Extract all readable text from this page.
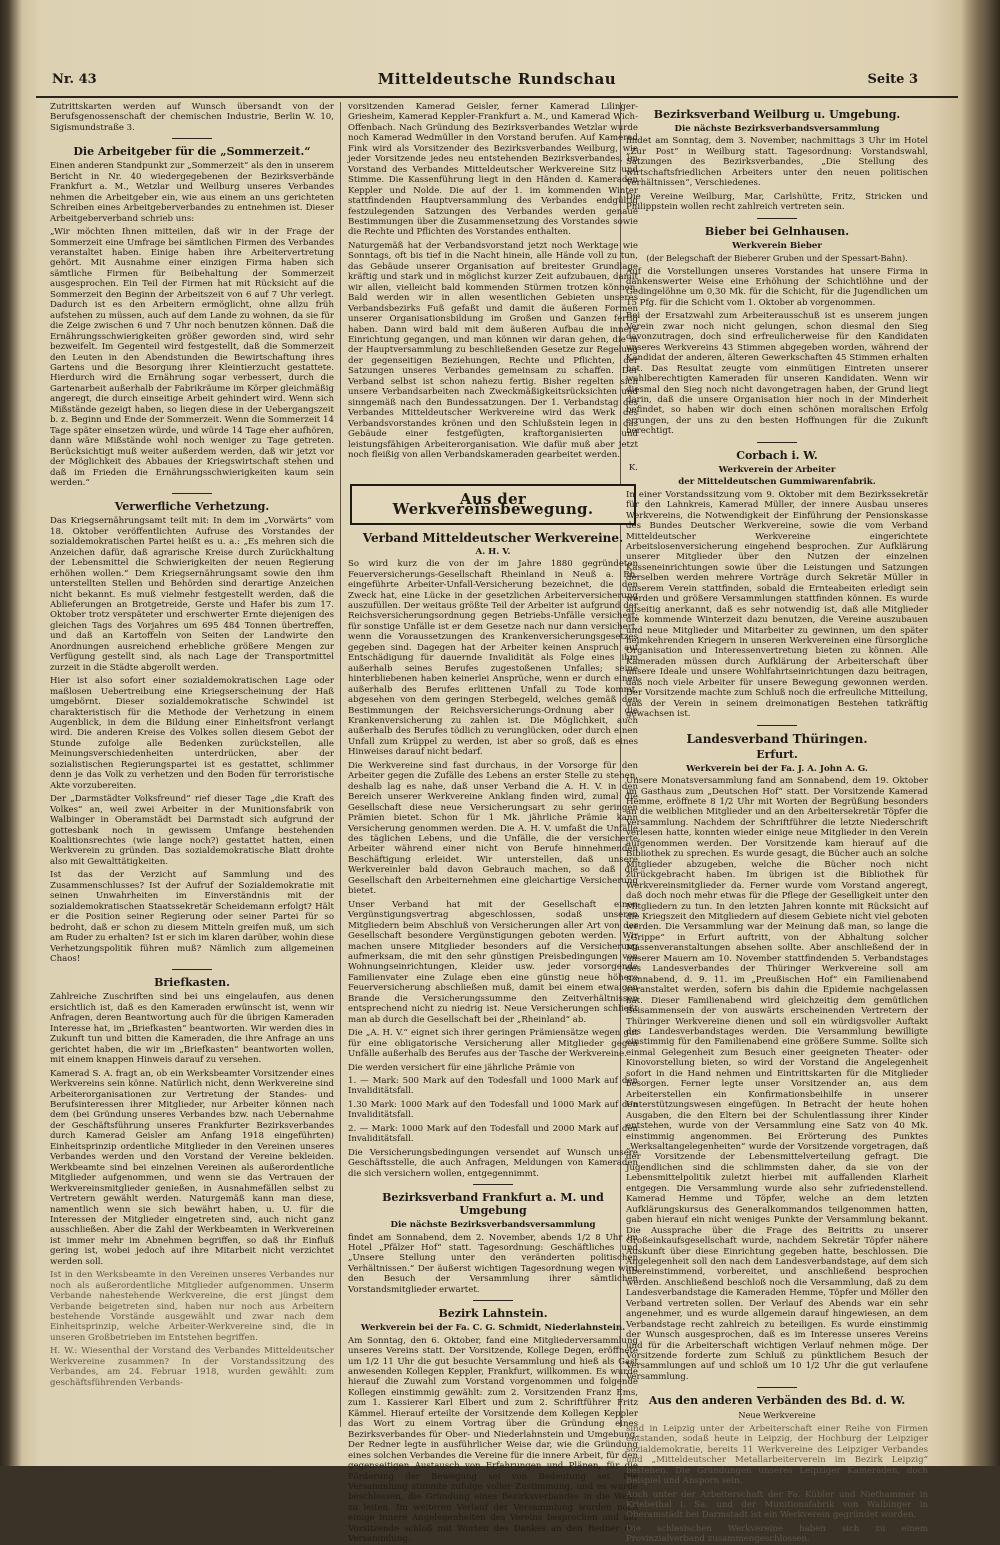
Nr. 43	Mitteldeutsche Rundschau	Seite 3

Zutrittskarten werden auf Wunsch übersandt von der Berufsgenossenschaft der chemischen Industrie, Berlin W. 10, Sigismundstraße 3.

Die Arbeitgeber für die „Sommerzeit.“

Einen anderen Standpunkt zur „Sommerzeit“ als den in unserem Bericht in Nr. 40 wiedergegebenen der Bezirksverbände Frankfurt a. M., Wetzlar und Weilburg unseres Verbandes nehmen die Arbeitgeber ein, wie aus einem an uns gerichteten Schreiben eines Arbeitgeberverbandes zu entnehmen ist. Dieser Arbeitgeberverband schrieb uns:

„Wir möchten Ihnen mitteilen, daß wir in der Frage der Sommerzeit eine Umfrage bei sämtlichen Firmen des Verbandes veranstaltet haben. Einige haben ihre Arbeitervertretung gehört. Mit Ausnahme einer einzigen Firma haben sich sämtliche Firmen für Beibehaltung der Sommerzeit ausgesprochen. Ein Teil der Firmen hat mit Rücksicht auf die Sommerzeit den Beginn der Arbeitszeit von 6 auf 7 Uhr verlegt. Dadurch ist es den Arbeitern ermöglicht, ohne allzu früh aufstehen zu müssen, auch auf dem Lande zu wohnen, da sie für die Zeige zwischen 6 und 7 Uhr noch benutzen können. Daß die Ernährungsschwierigkeiten größer geworden sind, wird sehr bezweifelt. Im Gegenteil wird festgestellt, daß die Sommerzeit den Leuten in den Abendstunden die Bewirtschaftung ihres Gartens und die Besorgung ihrer Kleintierzucht gestattete. Hierdurch wird die Ernährung sogar verbessert, durch die Gartenarbeit außerhalb der Fabrikräume im Körper gleichmäßig angeregt, die durch einseitige Arbeit gehindert wird. Wenn sich Mißstände gezeigt haben, so liegen diese in der Uebergangszeit b. z. Beginn und Ende der Sommerzeit. Wenn die Sommerzeit 14 Tage später einsetzen würde, und würde 14 Tage eher aufhören, dann wäre Mißstände wohl noch weniger zu Tage getreten. Berücksichtigt muß weiter außerdem werden, daß wir jetzt vor der Möglichkeit des Abbaues der Kriegswirtschaft stehen und daß im Frieden die Ernährungsschwierigkeiten kaum sein werden.“

Verwerfliche Verhetzung.

Das Kriegsernährungsamt teilt mit: In dem im „Vorwärts“ vom 18. Oktober veröffentlichten Aufruse des Vorstandes der sozialdemokratischen Partei heißt es u. a.: „Es mehren sich die Anzeichen dafür, daß agrarische Kreise durch Zurückhaltung der Lebensmittel die Schwierigkeiten der neuen Regierung erhöhen wollen.“ Dem Kriegsernährungsamt sowie den ihm unterstellten Stellen und Behörden sind derartige Anzeichen nicht bekannt. Es muß vielmehr festgestellt werden, daß die Ablieferungen an Brotgetreide, Gerste und Hafer bis zum 17. Oktober trotz verspäteter und erschwerter Ernte diejenigen des gleichen Tags des Vorjahres um 695 484 Tonnen übertreffen, und daß an Kartoffeln von Seiten der Landwirte den Anordnungen ausreichend erhebliche größere Mengen zur Verfügung gestellt sind, als nach Lage der Transportmittel zurzeit in die Städte abgerollt werden.

Hier ist also sofort einer sozialdemokratischen Lage oder maßlosen Uebertreibung eine Kriegserscheinung der Haß umgebörnt. Dieser sozialdemokratische Schwindel ist charakteristisch für die Methode der Verhetzung in einem Augenblick, in dem die Bildung einer Einheitsfront verlangt wird. Die anderen Kreise des Volkes sollen diesem Gebot der Stunde zufolge alle Bedenken zurückstellen, alle Meinungsverschiedenheiten unterdrücken, aber der sozialistischen Regierungspartei ist es gestattet, schlimmer denn je das Volk zu verhetzen und den Boden für terroristische Akte vorzubereiten.

Der „Darmstädter Volksfreund“ rief dieser Tage „die Kraft des Volkes“ an, weil zwei Arbeiter in der Munitionsfabrik von Walbinger in Oberamstädt bei Darmstadt sich aufgrund der gottesbank noch in gewissem Umfange bestehenden Koalitionsrechtes (wie lange noch?) gestattet hatten, einen Werkverein zu gründen. Das sozialdemokratische Blatt drohte also mit Gewalttätigkeiten.

Ist das der Verzicht auf Sammlung und des Zusammenschlusses? Ist der Aufruf der Sozialdemokratie mit seinen Unwahrheiten im Einverständnis mit der sozialdemokratischen Staatssekretär Scheidemann erfolgt? Hält er die Position seiner Regierung oder seiner Partei für so bedroht, daß er schon zu diesem Mitteln greifen muß, um sich am Ruder zu erhalten? Ist er sich im klaren darüber, wohin diese Verhetzungspolitik führen muß? Nämlich zum allgemeinen Chaos!

Briefkasten.

Zahlreiche Zuschriften sind bei uns eingelaufen, aus denen ersichtlich ist, daß es den Kameraden erwünscht ist, wenn wir Anfragen, deren Beantwortung auch für die übrigen Kameraden Interesse hat, im „Briefkasten“ beantworten. Wir werden dies in Zukunft tun und bitten die Kameraden, die ihre Anfrage an uns gerichtet haben, die wir im „Briefkasten“ beantworten wollen, mit einem knappen Hinweis darauf zu versehen.

Kamerad S. A. fragt an, ob ein Werksbeamter Vorsitzender eines Werkvereins sein könne. Natürlich nicht, denn Werkvereine sind Arbeiterorganisationen zur Vertretung der Standes- und Berufsinteressen ihrer Mitglieder, nur Arbeiter können nach dem (bei Gründung unseres Verbandes bzw. nach Uebernahme der Geschäftsführung unseres Frankfurter Bezirksverbandes durch Kamerad Geisler am Anfang 1918 eingeführten) Einheitsprinzip ordentliche Mitglieder in den Vereinen unseres Verbandes werden und den Vorstand der Vereine bekleiden. Werkbeamte sind bei einzelnen Vereinen als außerordentliche Mitglieder aufgenommen, und wenn sie das Vertrauen der Werkvereinsmitglieder genießen, in Ausnahmefällen selbst zu Vertretern gewählt werden. Naturgemäß kann man diese, namentlich wenn sie sich bewährt haben, u. U. für die Interessen der Mitglieder eingetreten sind, auch nicht ganz ausschließen. Aber die Zahl der Werkbeamten in Werkvereinen ist immer mehr im Abnehmen begriffen, so daß ihr Einfluß gering ist, wobei jedoch auf ihre Mitarbeit nicht verzichtet werden soll.

Ist in den Werksbeamte in den Vereinen unseres Verbandes nur noch als außerordentliche Mitglieder aufgenommen. Unserm Verbande nahestehende Werkvereine, die erst jüngst dem Verbande beigetreten sind, haben nur noch aus Arbeitern bestehende Vorstände ausgewählt und zwar nach dem Einheitsprinzip, welche Arbeiter-Werkvereine sind, die in unseren Großbetrieben im Entstehen begriffen.

H. W.: Wiesenthal der Vorstand des Verbandes Mitteldeutscher Werkvereine zusammen? In der Vorstandssitzung des Verbandes, am 24. Februar 1918, wurden gewählt: zum geschäftsführenden Verbands-

vorsitzenden Kamerad Geisler, ferner Kamerad Lilinger-Griesheim, Kamerad Keppler-Frankfurt a. M., und Kamerad Wich-Offenbach. Nach Gründung des Bezirksverbandes Wetzlar wurde noch Kamerad Wedmüller in den Vorstand berufen. Auf Kamerad Fink wird als Vorsitzender des Bezirksverbandes Weilburg, wie jeder Vorsitzende jedes neu entstehenden Bezirksverbandes, im Vorstand des Verbandes Mitteldeutscher Werkvereine Sitz und Stimme. Die Kassenführung liegt in den Händen d. Kameraden Keppler und Nolde. Die auf der 1. im kommenden Winter stattfindenden Hauptversammlung des Verbandes endgültig festzulegenden Satzungen des Verbandes werden genaue Bestimmungen über die Zusammensetzung des Vorstandes sowie die Rechte und Pflichten des Vorstandes enthalten.

Naturgemäß hat der Verbandsvorstand jetzt noch Werktage wie Sonntags, oft bis tief in die Nacht hinein, alle Hände voll zu tun, das Gebäude unserer Organisation auf breitester Grundlage kräftig und stark und in möglichst kurzer Zeit aufzubauen, damit wir allen, vielleicht bald kommenden Stürmen trotzen können. Bald werden wir in allen wesentlichen Gebieten unseres Verbandsbezirks Fuß gefaßt und damit die äußeren Formen unserer Organisationsbildung im Großen und Ganzen fertig haben. Dann wird bald mit dem äußeren Aufbau die innere Einrichtung gegangen, und man können wir daran gehen, die in der Hauptversammlung zu beschließenden Gesetze zur Regelung der gegenseitigen Beziehungen, Rechte und Pflichten, der Satzungen unseres Verbandes gemeinsam zu schaffen. Der Verband selbst ist schon nahezu fertig. Bisher regelten sich unsere Verbandsarbeiten nach Zweckmäßigkeitsrücksichten und sinngemäß nach den Bundessatzungen. Der 1. Verbandstag des Verbandes Mitteldeutscher Werkvereine wird das Werk des Verbandsvorstandes krönen und den Schlußstein legen in das Gebäude einer festgefügten, kraftorganisierten und leistungsfähigen Arbeiterorganisation. Wie dafür muß aber jetzt noch fleißig von allen Verbandskameraden gearbeitet werden.

K.

Aus der Werkvereinsbewegung.
Verband Mitteldeutscher Werkvereine.
A. H. V.

So wird kurz die von der im Jahre 1880 gegründeten Feuerversicherungs-Gesellschaft Rheinland in Neuß a. Rh. eingeführte Arbeiter-Unfall-Versicherung bezeichnet, die den Zweck hat, eine Lücke in der gesetzlichen Arbeiterversicherung auszufüllen. Der weitaus größte Teil der Arbeiter ist aufgrund der Reichsversicherungsordnung gegen Betriebs-Unfälle versichert; für sonstige Unfälle ist er dem Gesetze nach nur dann versichert, wenn die Voraussetzungen des Krankenversicherungsgesetzes gegeben sind. Dagegen hat der Arbeiter keinen Anspruch auf Entschädigung für dauernde Invalidität als Folge eines ihm außerhalb seines Berufes zugestoßenen Unfalles; seine hinterbliebenen haben keinerlei Ansprüche, wenn er durch einen außerhalb des Berufes erlittenen Unfall zu Tode kommt, abgesehen von dem geringen Sterbegeld, welches gemäß den Bestimmungen der Reichsversicherungs-Ordnung aber die Krankenversicherung zu zahlen ist. Die Möglichkeit, auch außerhalb des Berufes tödlich zu verunglücken, oder durch einen Unfall zum Krüppel zu werden, ist aber so groß, daß es eines Hinweises darauf nicht bedarf.

Die Werkvereine sind fast durchaus, in der Vorsorge für den Arbeiter gegen die Zufälle des Lebens an erster Stelle zu stehen, deshalb lag es nahe, daß unser Verband die A. H. V. in den Bereich unserer Werkvereine Anklang finden wird, zumal die Gesellschaft diese neue Versicherungsart zu sehr geringen Prämien bietet. Schon für 1 Mk. jährliche Prämie kann Versicherung genommen werden. Die A. H. V. umfaßt die Unfälle des täglichen Lebens, und die Unfälle, die der versicherte Arbeiter während einer nicht von Berufe hinnehmenden Beschäftigung erleidet. Wir unterstellen, daß unsere Werkvereinler bald davon Gebrauch machen, so daß die Gesellschaft den Arbeiternehmen eine gleichartige Versicherung bietet.

Unser Verband hat mit der Gesellschaft einen Vergünstigungsvertrag abgeschlossen, sodaß unseren Mitgliedern beim Abschluß von Versicherungen aller Art von der Gesellschaft besondere Vergünstigungen geboten werden. Wir machen unsere Mitglieder besonders auf die Versicherung aufmerksam, die mit den sehr günstigen Preisbedingungen von Wohnungseinrichtungen, Kleider usw. jeder vorsorgende Familienvater eine Zulage eben eine günstig neue höhere Feuerversicherung abschließen muß, damit bei einem etwaigen Brande die Versicherungssumme den Zeitverhältnissen entsprechend nicht zu niedrig ist. Neue Versicherungen schließt man ab durch die Gesellschaft bei der „Rheinland“ ab.

Die „A. H. V.“ eignet sich ihrer geringen Prämiensätze wegen gut für eine obligatorische Versicherung aller Mitglieder gegen Unfälle außerhalb des Berufes aus der Tasche der Werkvereine.

Die werden versichert für eine jährliche Prämie von

1. — Mark: 500 Mark auf den Todesfall und 1000 Mark auf den Invaliditätsfall.

1.30 Mark: 1000 Mark auf den Todesfall und 1000 Mark auf den Invaliditätsfall.

2. — Mark: 1000 Mark auf den Todesfall und 2000 Mark auf den Invaliditätsfall.

Die Versicherungsbedingungen versendet auf Wunsch unsere Geschäftsstelle, die auch Anfragen, Meldungen von Kameraden die sich versichern wollen, entgegennimmt.

Bezirksverband Frankfurt a. M. und Umgebung
Die nächste Bezirksverbandsversammlung

findet am Sonnabend, dem 2. November, abends 1/2 8 Uhr im Hotel „Pfälzer Hof“ statt. Tagesordnung: Geschäftliches und „Unsere Stellung unter den veränderten politischen Verhältnissen.“ Der äußerst wichtigen Tagesordnung wegen wird den Besuch der Versammlung ihrer sämtlichen Vorstandsmitglieder erwartet.

Bezirk Lahnstein.
Werkverein bei der Fa. C. G. Schmidt, Niederlahnstein.

Am Sonntag, den 6. Oktober, fand eine Mitgliederversammlung unseres Vereins statt. Der Vorsitzende, Kollege Degen, eröffnete um 1/2 11 Uhr die gut besuchte Versammlung und hieß als Gast anwesenden Kollegen Keppler, Frankfurt, willkommen. Es wurde hierauf die Zuwahl zum Vorstand vorgenommen und folgende Kollegen einstimmig gewählt: zum 2. Vorsitzenden Franz Ems, zum 1. Kassierer Karl Elbert und zum 2. Schriftführer Fritz Kämmel. Hierauf erteilte der Vorsitzende dem Kollegen Keppler das Wort zu einem Vortrag über die Gründung eines Bezirksverbandes für Ober- und Niederlahnstein und Umgebung. Der Redner legte in ausführlicher Weise dar, wie die Gründung eines solchen Verbandes die Vereine für die innere Arbeit, für den gegenseitigen Austausch von Erfahrungen und Plänen, für die Förderung der Bewegung sei von Bedeutung sei. Die Versammlung stimmte zufolge voller Zustimmung, und es wurde beschlossen, die Gründung eines Bezirksverbandes in die Wege zu leiten. Im weiteren Verlauf der Versammlung wurden noch einige innere Angelegenheiten des Vereins besprochen und der Vorsitzende schloß mit Worten des Dankes an den Redner die Versammlung.

Bezirksverband Weilburg u. Umgebung.
Die nächste Bezirksverbandsversammlung

findet am Sonntag, dem 3. November, nachmittags 3 Uhr im Hotel „Zur Post“ in Weilburg statt. Tagesordnung: Vorstandswahl, Satzungen des Bezirksverbandes, „Die Stellung des wirtschaftsfriedlichen Arbeiters unter den neuen politischen Verhältnissen“, Verschiedenes.

Die Vereine Weilburg, Mar, Carlshütte, Fritz, Stricken und Philippstein wollen recht zahlreich vertreten sein.

Bieber bei Gelnhausen.
Werkverein Bieber
(der Belegschaft der Bieberer Gruben und der Spessart-Bahn).

Auf die Vorstellungen unseres Vorstandes hat unsere Firma in dankenswerter Weise eine Erhöhung der Schichtlöhne und der Gedingelöhne um 0,30 Mk. für die Schicht, für die Jugendlichen um 15 Pfg. für die Schicht vom 1. Oktober ab vorgenommen.

Bei der Ersatzwahl zum Arbeiterausschuß ist es unserem jungen Verein zwar noch nicht gelungen, schon diesmal den Sieg davonzutragen, doch sind erfreulicherweise für den Kandidaten unseres Werkvereins 43 Stimmen abgegeben worden, während der Kandidat der anderen, älteren Gewerkschaften 45 Stimmen erhalten hat. Das Resultat zeugte vom einmütigen Eintreten unserer wahlberechtigten Kameraden für unseren Kandidaten. Wenn wir diesmal den Sieg noch nicht davongetragen haben, der Grund liegt darin, daß die unsere Organisation hier noch in der Minderheit befindet, so haben wir doch einen schönen moralischen Erfolg errungen, der uns zu den besten Hoffnungen für die Zukunft berechtigt.

Corbach i. W.
Werkverein der Arbeiter
der Mitteldeutschen Gummiwarenfabrik.

In einer Vorstandssitzung vom 9. Oktober mit dem Bezirkssekretär für den Lahnkreis, Kamerad Müller, der innere Ausbau unseres Werkvereins, die Notwendigkeit der Einführung der Pensionskasse des Bundes Deutscher Werkvereine, sowie die vom Verband Mitteldeutscher Werkvereine eingerichtete Arbeitslosenversicherung eingehend besprochen. Zur Aufklärung unserer Mitglieder über den Nutzen der einzelnen Kasseneinrichtungen sowie über die Leistungen und Satzungen derselben werden mehrere Vorträge durch Sekretär Müller in unserem Verein stattfinden, sobald die Ernteabeiten erledigt sein werden und größere Versammlungen stattfinden können. Es wurde allseitig anerkannt, daß es sehr notwendig ist, daß alle Mitglieder die kommende Winterzeit dazu benutzen, die Vereine auszubauen und neue Mitglieder und Mitarbeiter zu gewinnen, um den später heimkehrenden Kriegern in unseren Werkvereinen eine fürsorgliche Organisation und Interessenvertretung bieten zu können. Alle Kameraden müssen durch Aufklärung der Arbeiterschaft über unsere Ideale und unsere Wohlfahrtseinrichtungen dazu beitragen, daß noch viele Arbeiter für unsere Bewegung gewonnen werden. Der Vorsitzende machte zum Schluß noch die erfreuliche Mitteilung, daß der Verein in seinem dreimonatigen Bestehen tatkräftig gewachsen ist.

Landesverband Thüringen.
Erfurt.
Werkverein bei der Fa. J. A. John A. G.

Unsere Monatsversammlung fand am Sonnabend, dem 19. Oktober im Gasthaus zum „Deutschen Hof“ statt. Der Vorsitzende Kamerad Hemme, eröffnete 8 1/2 Uhr mit Worten der Begrüßung besonders an die weiblichen Mitglieder und an den Arbeitersekretär Töpfer die Versammlung. Nachdem der Schriftführer die letzte Niederschrift verlesen hatte, konnten wieder einige neue Mitglieder in den Verein aufgenommen werden. Der Vorsitzende kam hierauf auf die Bibliothek zu sprechen. Es wurde gesagt, die Bücher auch an solche Mitglieder abzugeben, welche die Bücher noch nicht zurückgebracht haben. Im übrigen ist die Bibliothek für Werkvereinsmitglieder da. Ferner wurde vom Vorstand angeregt, daß doch noch mehr etwas für die Pflege der Geselligkeit unter den Mitgliedern zu tun. In den letzten Jahren konnte mit Rücksicht auf die Kriegszeit den Mitgliedern auf diesem Gebiete nicht viel geboten werden. Die Versammlung war der Meinung daß man, so lange die „Grippe“ in Erfurt auftritt, von der Abhaltung solcher Massenveranstaltungen absehen sollte. Aber anschließend der in unserer Mauern am 10. November stattfindenden 5. Verbandstages des Landesverbandes der Thüringer Werkvereine soll am Sonnabend, d. 9. 11. im „Preußischen Hof“ ein Familienabend veranstaltet werden, sofern bis dahin die Epidemie nachgelassen hat. Dieser Familienabend wird gleichzeitig dem gemütlichen Beisammensein der von auswärts erscheinenden Vertretern der Thüringer Werkvereine dienen und soll ein würdigsvoller Auftakt des Landesverbandstages werden. Die Versammlung bewilligte einstimmig für den Familienabend eine größere Summe. Sollte sich einmal Gelegenheit zum Besuch einer geeigneten Theater- oder Kinovorstellung bieten, so wird der Vorstand die Angelegenheit sofort in die Hand nehmen und Eintrittskarten für die Mitglieder besorgen. Ferner legte unser Vorsitzender an, aus dem Arbeiterstellen ein Konfirmationsbeihilfe in unserer Unterstützungswesen eingefügen. In Betracht der heute hohen Ausgaben, die den Eltern bei der Schulentlassung ihrer Kinder entstehen, wurde von der Versammlung eine Satz von 40 Mk. einstimmig angenommen. Bei Erörterung des Punktes „Werksaltangelegenheiten“ wurde der Vorsitzende vorgetragen, daß der Vorsitzende der Lebensmittelverteilung gefragt. Die Jugendlichen sind die schlimmsten daher, da sie von der Lebensmittelpolitik zuletzt hierbei mit auffallenden Klarheit entgegen. Die Versammlung wurde also sehr zufriedenstellend. Kamerad Hemme und Töpfer, welche an dem letzten Aufklärungskursus des Generalkommandos teilgenommen hatten, gaben hierauf ein nicht weniges Punkte der Versammlung bekannt. Die Aussprache über die Frage des Beitritts zu unserer Großeinkaufsgesellschaft wurde, nachdem Sekretär Töpfer nähere Auskunft über diese Einrichtung gegeben hatte, beschlossen. Die Angelegenheit soll den nach dem Landesverbandstage, auf dem sich übereinstimmend, vorbereitet, und anschließend besprochen werden. Anschließend beschloß noch die Versammlung, daß zu dem Landesverbandstage die Kameraden Hemme, Töpfer und Möller den Verband vertreten sollen. Der Verlauf des Abends war ein sehr angenehmer, und es wurde allgemein darauf hingewiesen, an dem Verbandstage recht zahlreich zu beteiligen. Es wurde einstimmig der Wunsch ausgesprochen, daß es im Interesse unseres Vereins und für die Arbeiterschaft wichtigen Verlauf nehmen möge. Der Vorsitzende forderte zum Schluß zu pünktlichem Besuch der Versammlungen auf und schloß um 10 1/2 Uhr die gut verlaufene Versammlung.

Aus den anderen Verbänden des Bd. d. W.
Neue Werkvereine

sind in Leipzig unter der Arbeiterschaft einer Reihe von Firmen entstanden, sodaß heute in Leipzig, der Hochburg der Leipziger sozialdemokratie, bereits 11 Werkvereine des Leipziger Verbandes und „Mitteldeutscher Metallarbeiterverein im Bezirk Leipzig“ bestehen. Die Gründungen unseres Leipziger Kameraden, doch Beispiel und Ansporn sein.

Auch unter der Arbeiterschaft der Fa. Kübler und Niethammer in Kriebethal i. Sa. und der Munitionsfabrik von Walbinger in Oberamstädt bei Darmstadt ist ein Werkverein gegründet worden.

Die schlesischen Werkvereine haben sich zu einem Provinzialverband zusammengeschlossen.
